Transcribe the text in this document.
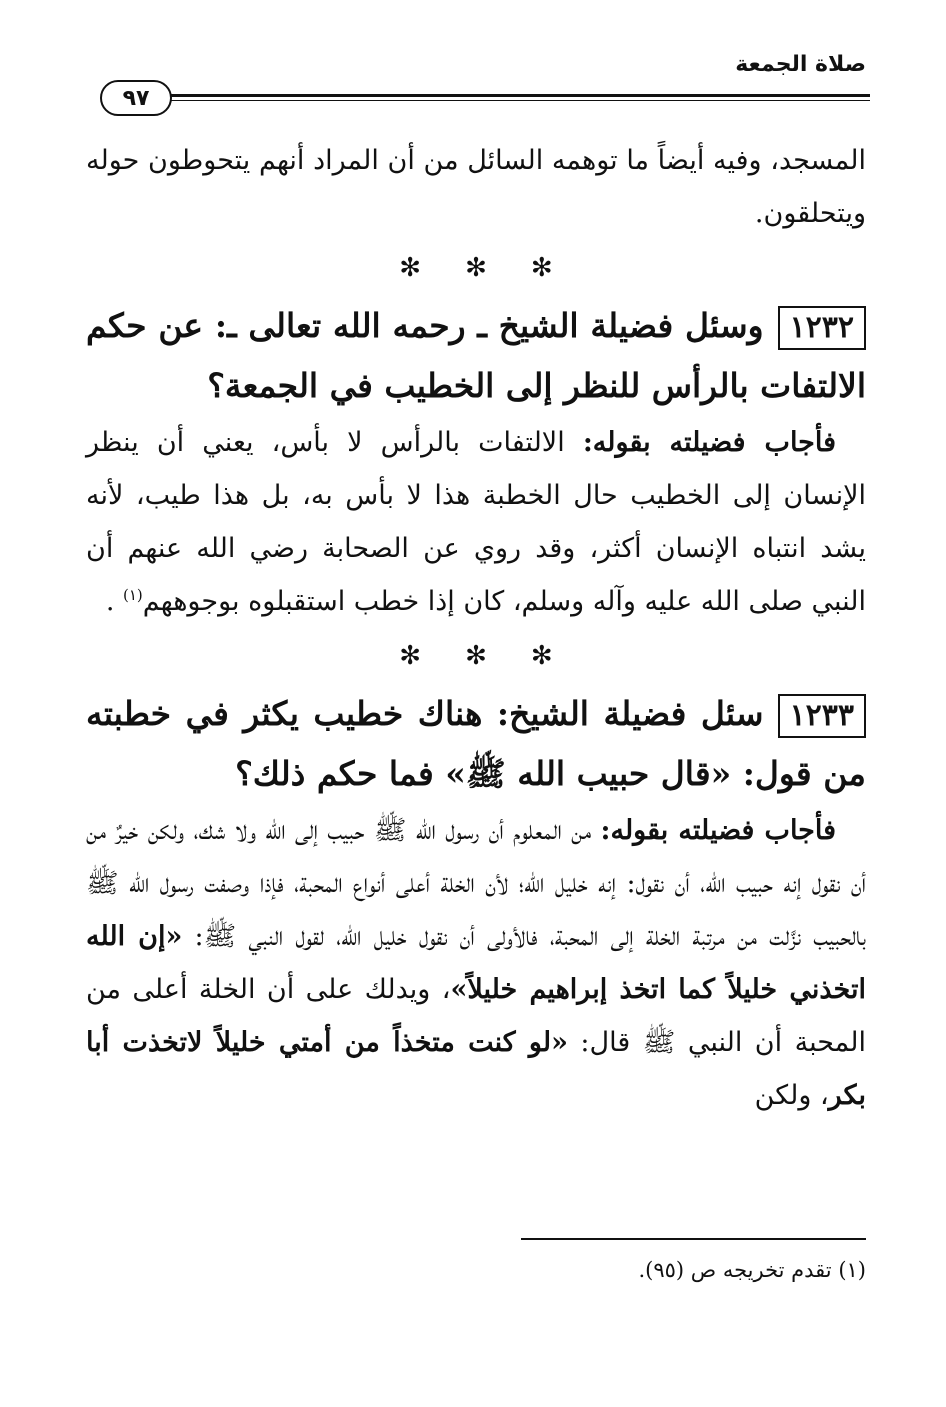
صلاة الجمعة
٩٧

المسجد، وفيه أيضاً ما توهمه السائل من أن المراد أنهم يتحوطون حوله ويتحلقون.

✻✻✻

١٢٣٢وسئل فضيلة الشيخ ـ رحمه الله تعالى ـ: عن حكم الالتفات بالرأس للنظر إلى الخطيب في الجمعة؟

فأجاب فضيلته بقوله: الالتفات بالرأس لا بأس، يعني أن ينظر الإنسان إلى الخطيب حال الخطبة هذا لا بأس به، بل هذا طيب، لأنه يشد انتباه الإنسان أكثر، وقد روي عن الصحابة رضي الله عنهم أن النبي صلى الله عليه وآله وسلم، كان إذا خطب استقبلوه بوجوههم$^{(١)}$ .

✻✻✻

١٢٣٣سئل فضيلة الشيخ: هناك خطيب يكثر في خطبته من قول: «قال حبيب الله ﷺ» فما حكم ذلك؟

فأجاب فضيلته بقوله: من المعلوم أن رسول الله ﷺ حبيب إلى الله ولا شك، ولكن خيرٌ من أن نقول إنه حبيب الله، أن نقول: إنه خليل الله؛ لأن الخلة أعلى أنواع المحبة، فإذا وصفت رسول الله ﷺ بالحبيب نزَّلت من مرتبة الخلة إلى المحبة، فالأولى أن نقول خليل الله، لقول النبي ﷺ: «إن الله اتخذني خليلاً كما اتخذ إبراهيم خليلاً»، ويدلك على أن الخلة أعلى من المحبة أن النبي ﷺ قال: «لو كنت متخذاً من أمتي خليلاً لاتخذت أبا بكر، ولكن

(١) تقدم تخريجه ص (٩٥).
